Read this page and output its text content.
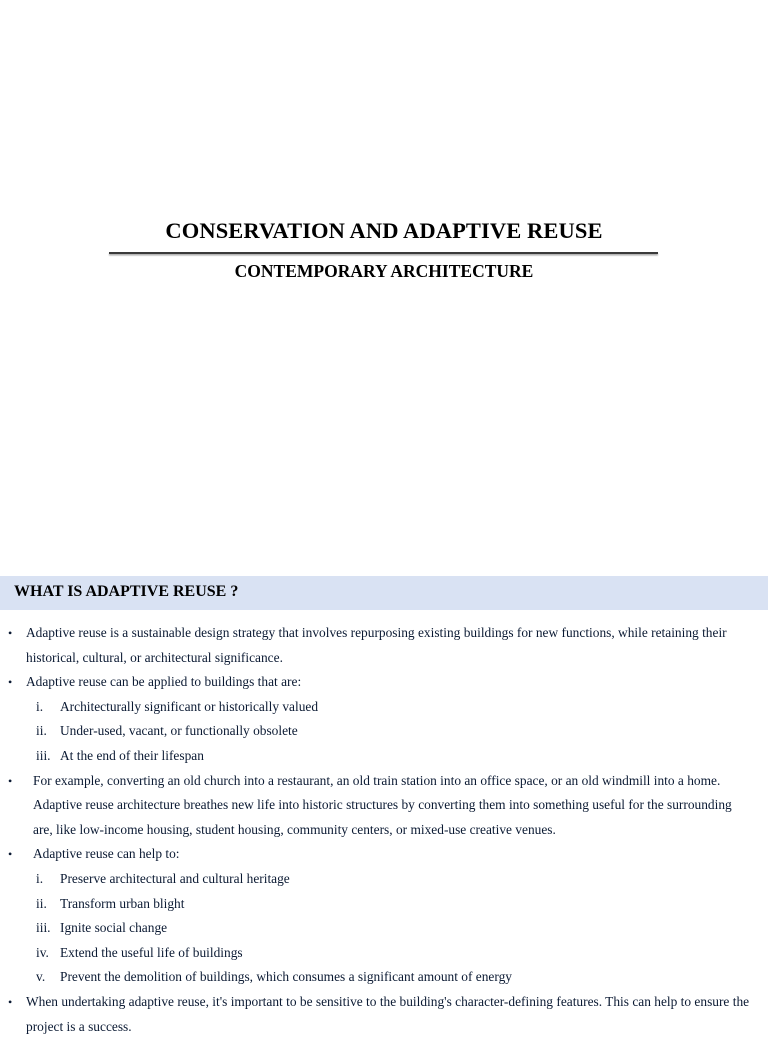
CONSERVATION AND ADAPTIVE REUSE
CONTEMPORARY ARCHITECTURE
WHAT IS ADAPTIVE REUSE ?
• Adaptive reuse is a sustainable design strategy that involves repurposing existing buildings for new functions, while retaining their historical, cultural, or architectural significance.
• Adaptive reuse can be applied to buildings that are:
i. Architecturally significant or historically valued
ii. Under-used, vacant, or functionally obsolete
iii. At the end of their lifespan
• For example, converting an old church into a restaurant, an old train station into an office space, or an old windmill into a home. Adaptive reuse architecture breathes new life into historic structures by converting them into something useful for the surrounding are, like low-income housing, student housing, community centers, or mixed-use creative venues.
• Adaptive reuse can help to:
i. Preserve architectural and cultural heritage
ii. Transform urban blight
iii. Ignite social change
iv. Extend the useful life of buildings
v. Prevent the demolition of buildings, which consumes a significant amount of energy
• When undertaking adaptive reuse, it's important to be sensitive to the building's character-defining features. This can help to ensure the project is a success.
